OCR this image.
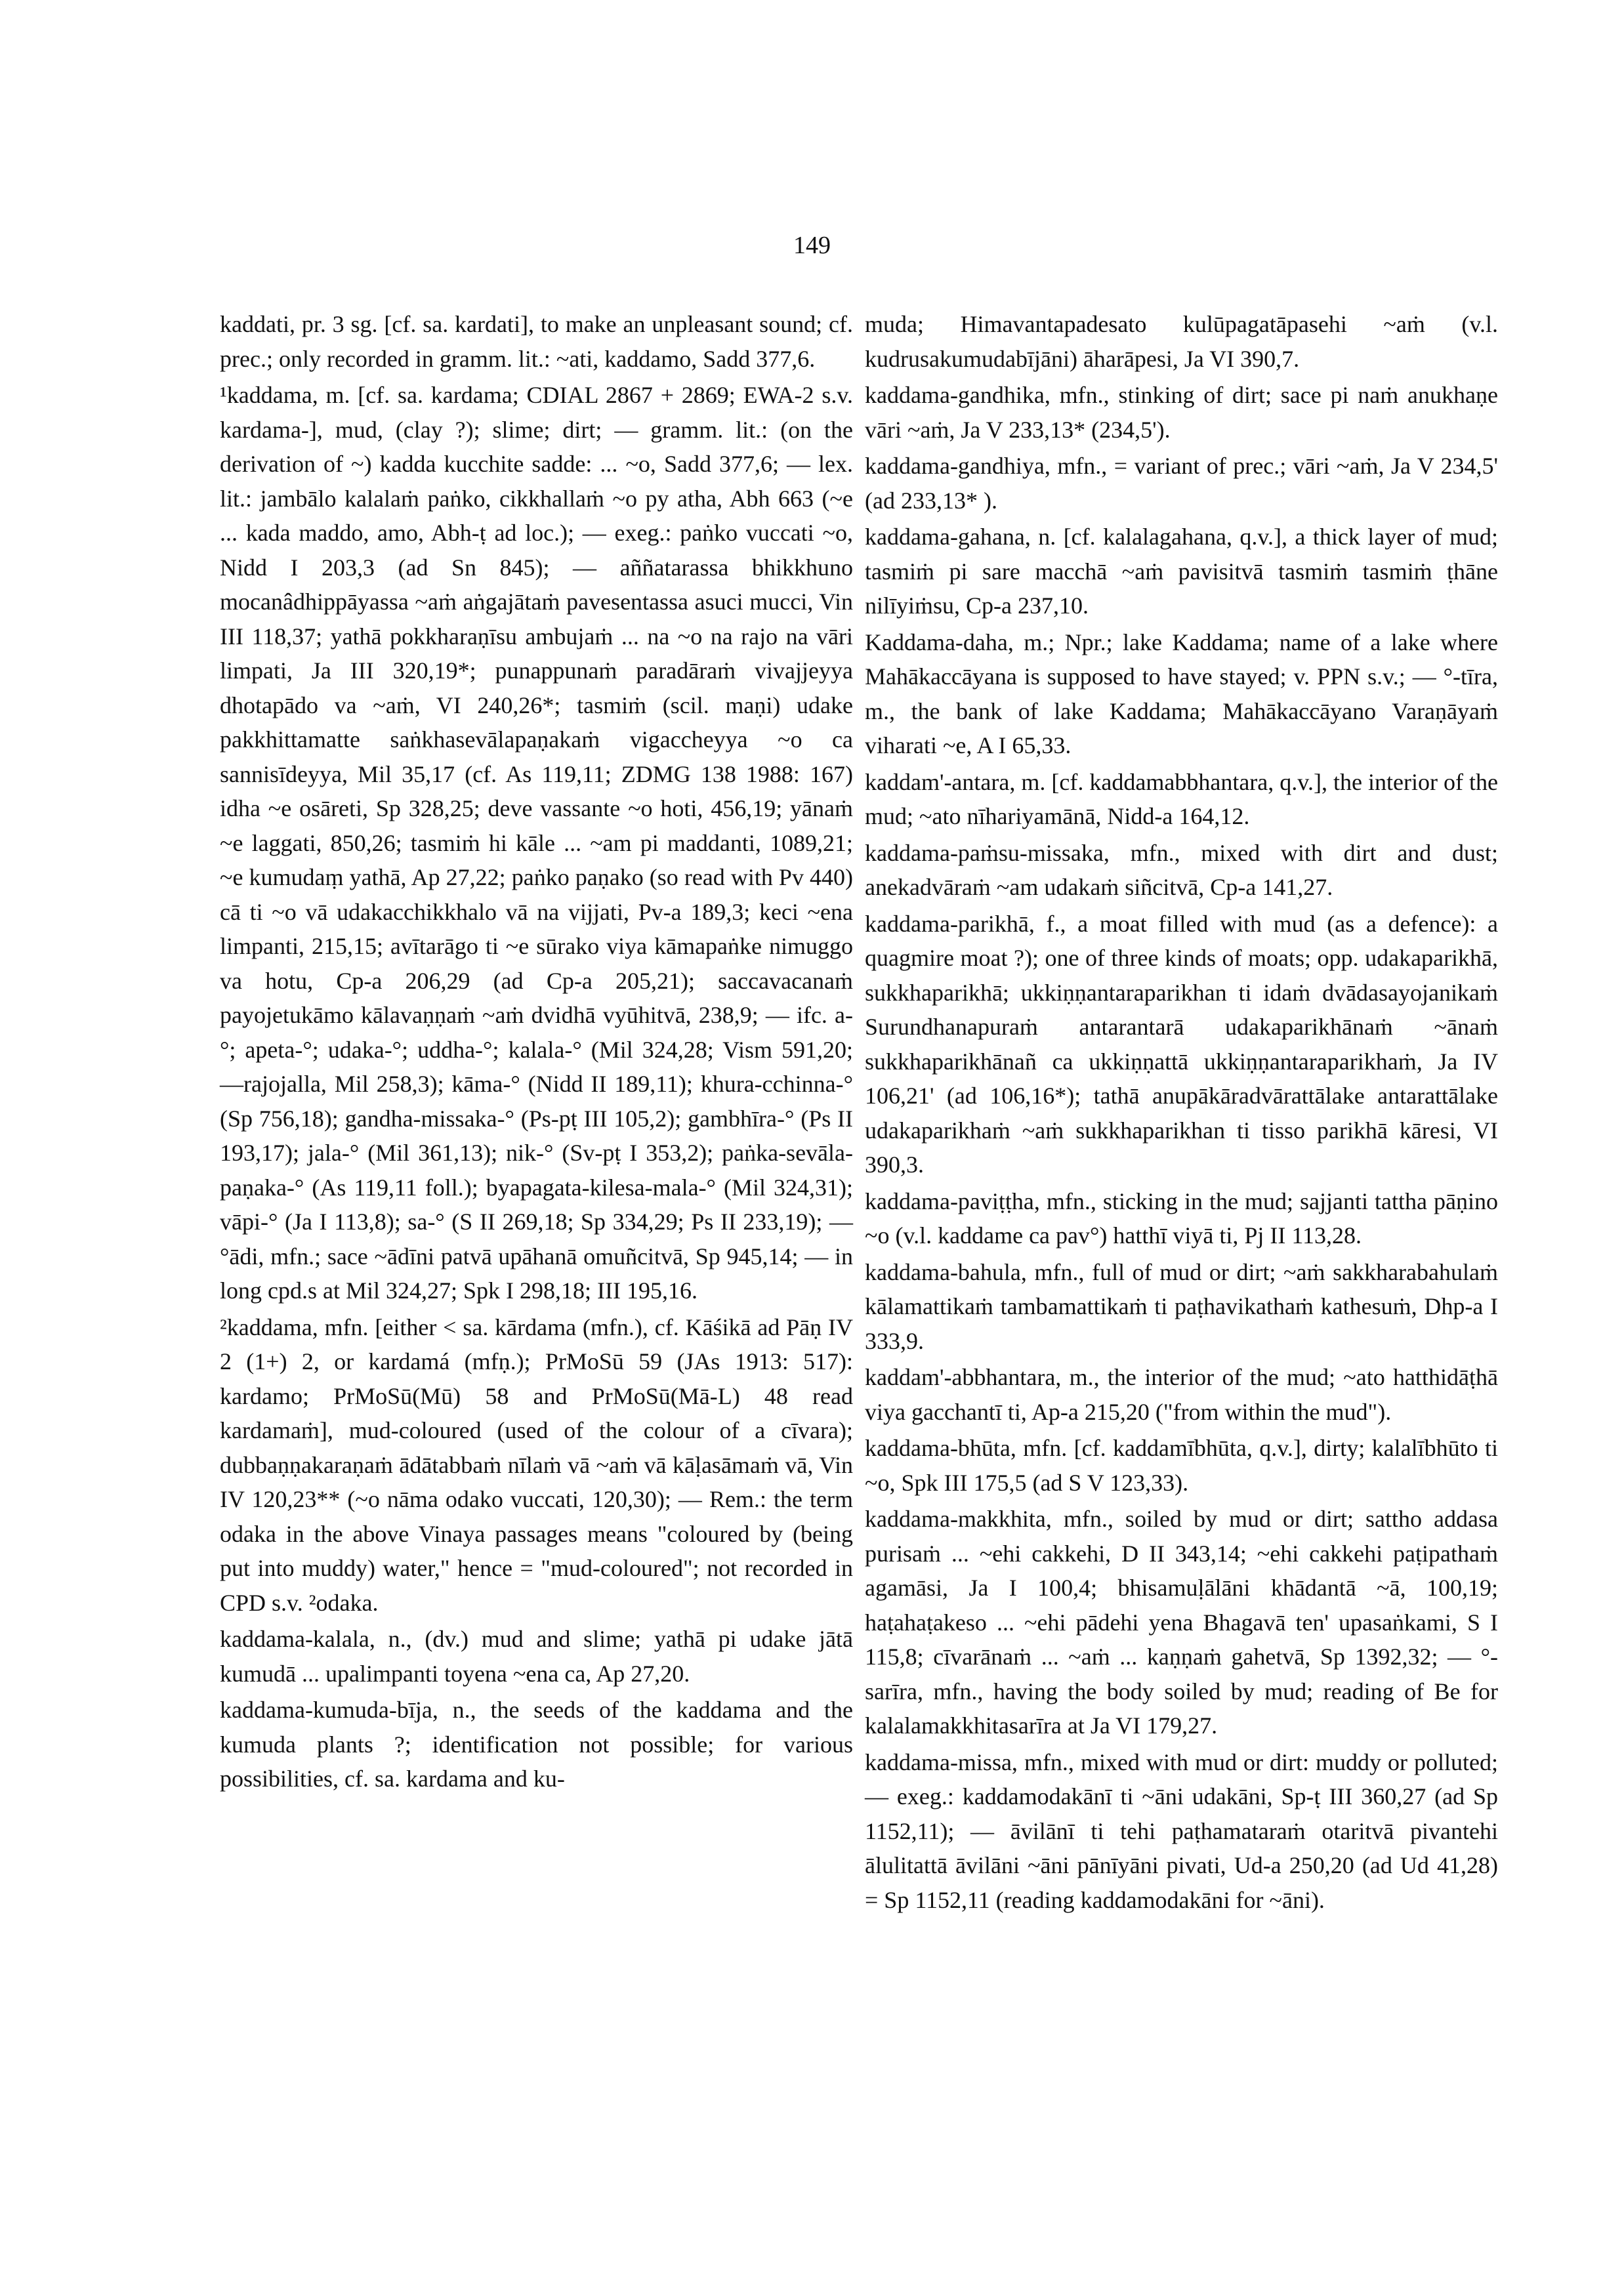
149

kaddati, pr. 3 sg. [cf. sa. kardati], to make an unpleasant sound; cf. prec.; only recorded in gramm. lit.: ~ati, kaddamo, Sadd 377,6.

¹kaddama, m. [cf. sa. kardama; CDIAL 2867 + 2869; EWA-2 s.v. kardama-], mud, (clay ?); slime; dirt; — gramm. lit.: (on the derivation of ~) kadda kucchite sadde: ... ~o, Sadd 377,6; — lex. lit.: jambālo kalalaṁ paṅko, cikkhallaṁ ~o py atha, Abh 663 (~e ... kada maddo, amo, Abh-ṭ ad loc.); — exeg.: paṅko vuccati ~o, Nidd I 203,3 (ad Sn 845); — aññatarassa bhikkhuno mocanâdhippāyassa ~aṁ aṅgajātaṁ pavesentassa asuci mucci, Vin III 118,37; yathā pokkharaṇīsu ambujaṁ ... na ~o na rajo na vāri limpati, Ja III 320,19*; punappunaṁ paradāraṁ vivajjeyya dhotapādo va ~aṁ, VI 240,26*; tasmiṁ (scil. maṇi) udake pakkhittamatte saṅkhasevālapaṇakaṁ vigaccheyya ~o ca sannisīdeyya, Mil 35,17 (cf. As 119,11; ZDMG 138 1988: 167) idha ~e osāreti, Sp 328,25; deve vassante ~o hoti, 456,19; yānaṁ ~e laggati, 850,26; tasmiṁ hi kāle ... ~am pi maddanti, 1089,21; ~e kumudaṃ yathā, Ap 27,22; paṅko paṇako (so read with Pv 440) cā ti ~o vā udakacchikkhalo vā na vijjati, Pv-a 189,3; keci ~ena limpanti, 215,15; avītarāgo ti ~e sūrako viya kāmapaṅke nimuggo va hotu, Cp-a 206,29 (ad Cp-a 205,21); saccavacanaṁ payojetukāmo kālavaṇṇaṁ ~aṁ dvidhā vyūhitvā, 238,9; — ifc. a-°; apeta-°; udaka-°; uddha-°; kalala-° (Mil 324,28; Vism 591,20; —rajojalla, Mil 258,3); kāma-° (Nidd II 189,11); khura-cchinna-° (Sp 756,18); gandha-missaka-° (Ps-pṭ III 105,2); gambhīra-° (Ps II 193,17); jala-° (Mil 361,13); nik-° (Sv-pṭ I 353,2); paṅka-sevāla-paṇaka-° (As 119,11 foll.); byapagata-kilesa-mala-° (Mil 324,31); vāpi-° (Ja I 113,8); sa-° (S II 269,18; Sp 334,29; Ps II 233,19); — °ādi, mfn.; sace ~ādīni patvā upāhanā omuñcitvā, Sp 945,14; — in long cpd.s at Mil 324,27; Spk I 298,18; III 195,16.

²kaddama, mfn. [either < sa. kārdama (mfn.), cf. Kāśikā ad Pāṇ IV 2 (1+) 2, or kardamá (mfṇ.); PrMoSū 59 (JAs 1913: 517): kardamo; PrMoSū(Mū) 58 and PrMoSū(Mā-L) 48 read kardamaṁ], mud-coloured (used of the colour of a cīvara); dubbaṇṇakaraṇaṁ ādātabbaṁ nīlaṁ vā ~aṁ vā kāḷasāmaṁ vā, Vin IV 120,23** (~o nāma odako vuccati, 120,30); — Rem.: the term odaka in the above Vinaya passages means "coloured by (being put into muddy) water," hence = "mud-coloured"; not recorded in CPD s.v. ²odaka.

kaddama-kalala, n., (dv.) mud and slime; yathā pi udake jātā kumudā ... upalimpanti toyena ~ena ca, Ap 27,20.

kaddama-kumuda-bīja, n., the seeds of the kaddama and the kumuda plants ?; identification not possible; for various possibilities, cf. sa. kardama and ku-

muda; Himavantapadesato kulūpagatāpasehi ~aṁ (v.l. kudrusakumudabījāni) āharāpesi, Ja VI 390,7.

kaddama-gandhika, mfn., stinking of dirt; sace pi naṁ anukhaṇe vāri ~aṁ, Ja V 233,13* (234,5').

kaddama-gandhiya, mfn., = variant of prec.; vāri ~aṁ, Ja V 234,5' (ad 233,13* ).

kaddama-gahana, n. [cf. kalalagahana, q.v.], a thick layer of mud; tasmiṁ pi sare macchā ~aṁ pavisitvā tasmiṁ tasmiṁ ṭhāne nilīyiṁsu, Cp-a 237,10.

Kaddama-daha, m.; Npr.; lake Kaddama; name of a lake where Mahākaccāyana is supposed to have stayed; v. PPN s.v.; — °-tīra, m., the bank of lake Kaddama; Mahākaccāyano Varaṇāyaṁ viharati ~e, A I 65,33.

kaddam'-antara, m. [cf. kaddamabbhantara, q.v.], the interior of the mud; ~ato nīhariyamānā, Nidd-a 164,12.

kaddama-paṁsu-missaka, mfn., mixed with dirt and dust; anekadvāraṁ ~am udakaṁ siñcitvā, Cp-a 141,27.

kaddama-parikhā, f., a moat filled with mud (as a defence): a quagmire moat ?); one of three kinds of moats; opp. udakaparikhā, sukkhaparikhā; ukkiṇṇantaraparikhan ti idaṁ dvādasayojanikaṁ Surundhanapuraṁ antarantarā udakaparikhānaṁ ~ānaṁ sukkhaparikhānañ ca ukkiṇṇattā ukkiṇṇantaraparikhaṁ, Ja IV 106,21' (ad 106,16*); tathā anupākāradvārattālake antarattālake udakaparikhaṁ ~aṁ sukkhaparikhan ti tisso parikhā kāresi, VI 390,3.

kaddama-paviṭṭha, mfn., sticking in the mud; sajjanti tattha pāṇino ~o (v.l. kaddame ca pav°) hatthī viyā ti, Pj II 113,28.

kaddama-bahula, mfn., full of mud or dirt; ~aṁ sakkharabahulaṁ kālamattikaṁ tambamattikaṁ ti paṭhavikathaṁ kathesuṁ, Dhp-a I 333,9.

kaddam'-abbhantara, m., the interior of the mud; ~ato hatthidāṭhā viya gacchantī ti, Ap-a 215,20 ("from within the mud").

kaddama-bhūta, mfn. [cf. kaddamībhūta, q.v.], dirty; kalalībhūto ti ~o, Spk III 175,5 (ad S V 123,33).

kaddama-makkhita, mfn., soiled by mud or dirt; sattho addasa purisaṁ ... ~ehi cakkehi, D II 343,14; ~ehi cakkehi paṭipathaṁ agamāsi, Ja I 100,4; bhisamuḷālāni khādantā ~ā, 100,19; haṭahaṭakeso ... ~ehi pādehi yena Bhagavā ten' upasaṅkami, S I 115,8; cīvarānaṁ ... ~aṁ ... kaṇṇaṁ gahetvā, Sp 1392,32; — °-sarīra, mfn., having the body soiled by mud; reading of Be for kalalamakkhitasarīra at Ja VI 179,27.

kaddama-missa, mfn., mixed with mud or dirt: muddy or polluted; — exeg.: kaddamodakānī ti ~āni udakāni, Sp-ṭ III 360,27 (ad Sp 1152,11); — āvilānī ti tehi paṭhamataraṁ otaritvā pivantehi ālulitattā āvilāni ~āni pānīyāni pivati, Ud-a 250,20 (ad Ud 41,28) = Sp 1152,11 (reading kaddamodakāni for ~āni).
